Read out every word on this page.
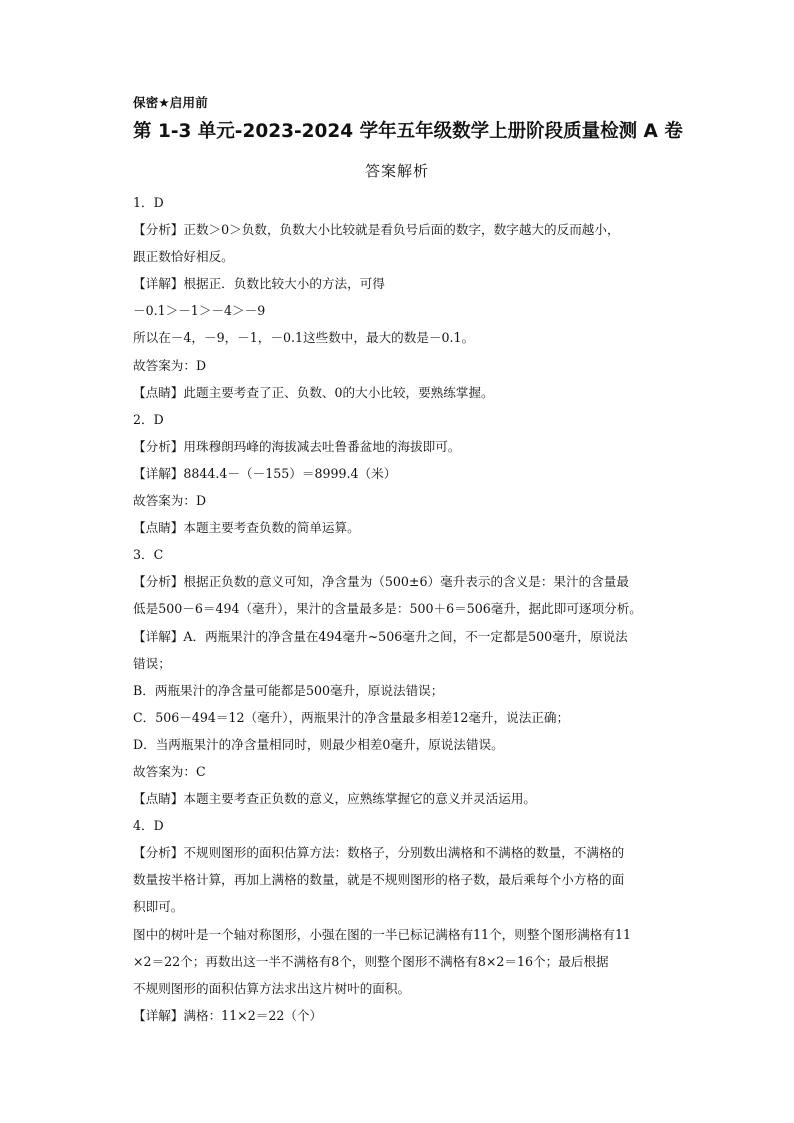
保密★启用前
第 1-3 单元-2023-2024 学年五年级数学上册阶段质量检测 A 卷
答案解析

1．D

【分析】正数＞0＞负数，负数大小比较就是看负号后面的数字，数字越大的反而越小，

跟正数恰好相反。

【详解】根据正．负数比较大小的方法，可得

－0.1＞－1＞－4＞－9

所以在－4，－9，－1，－0.1这些数中，最大的数是－0.1。

故答案为：D

【点睛】此题主要考查了正、负数、0的大小比较，要熟练掌握。

2．D

【分析】用珠穆朗玛峰的海拔减去吐鲁番盆地的海拔即可。

【详解】8844.4－（－155）＝8999.4（米）

故答案为：D

【点睛】本题主要考查负数的简单运算。

3．C

【分析】根据正负数的意义可知，净含量为（500±6）毫升表示的含义是：果汁的含量最

低是500－6＝494（毫升），果汁的含量最多是：500＋6＝506毫升，据此即可逐项分析。

【详解】A．两瓶果汁的净含量在494毫升~506毫升之间，不一定都是500毫升，原说法

错误；

B．两瓶果汁的净含量可能都是500毫升，原说法错误；

C．506－494＝12（毫升），两瓶果汁的净含量最多相差12毫升，说法正确；

D．当两瓶果汁的净含量相同时，则最少相差0毫升，原说法错误。

故答案为：C

【点睛】本题主要考查正负数的意义，应熟练掌握它的意义并灵活运用。

4．D

【分析】不规则图形的面积估算方法：数格子，分别数出满格和不满格的数量，不满格的

数量按半格计算，再加上满格的数量，就是不规则图形的格子数，最后乘每个小方格的面

积即可。

图中的树叶是一个轴对称图形，小强在图的一半已标记满格有11个，则整个图形满格有11

×2＝22个；再数出这一半不满格有8个，则整个图形不满格有8×2＝16个；最后根据

不规则图形的面积估算方法求出这片树叶的面积。

【详解】满格：11×2＝22（个）
